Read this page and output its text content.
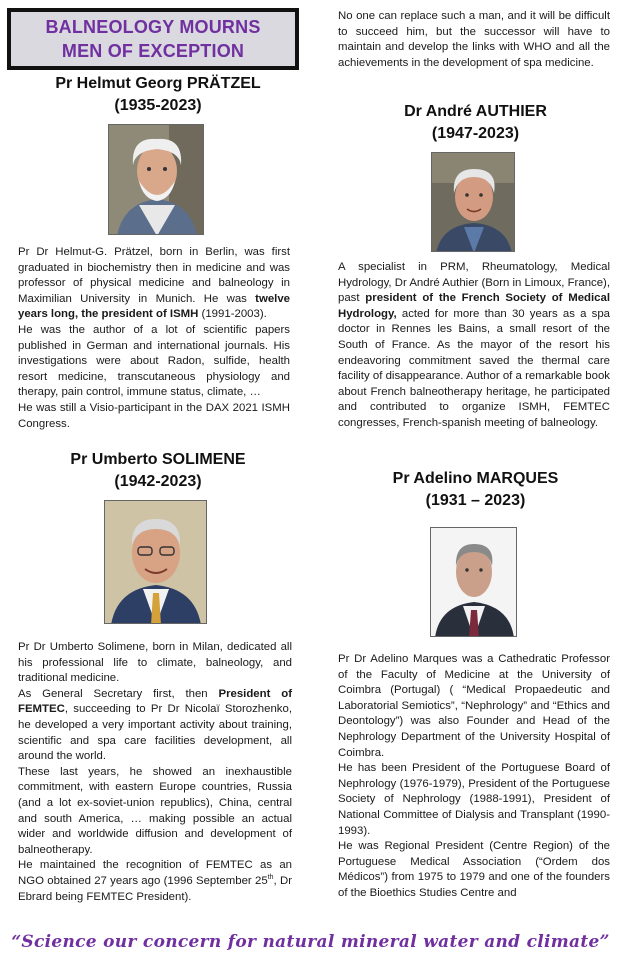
BALNEOLOGY MOURNS
MEN OF EXCEPTION
Pr Helmut Georg PRÄTZEL
(1935-2023)

Pr Dr Helmut-G. Prätzel, born in Berlin, was first graduated in biochemistry then in medicine and was professor of physical medicine and balneology in Maximilian University in Munich. He was twelve years long, the president of ISMH (1991-2003).

He was the author of a lot of scientific papers published in German and international journals. His investigations were about Radon, sulfide, health resort medicine, transcutaneous physiology and therapy, pain control, immune status, climate, …

He was still a Visio-participant in the DAX 2021 ISMH Congress.

Pr Umberto SOLIMENE
(1942-2023)

Pr Dr Umberto Solimene, born in Milan, dedicated all his professional life to climate, balneology, and traditional medicine.

As General Secretary first, then President of FEMTEC, succeeding to Pr Dr Nicolaï Storozhenko, he developed a very important activity about training, scientific and spa care facilities development, all around the world.

These last years, he showed an inexhaustible commitment, with eastern Europe countries, Russia (and a lot ex-soviet-union republics), China, central and south America, … making possible an actual wider and worldwide diffusion and development of balneotherapy.

He maintained the recognition of FEMTEC as an NGO obtained 27 years ago (1996 September 25th, Dr Ebrard being FEMTEC President).

No one can replace such a man, and it will be difficult to succeed him, but the successor will have to maintain and develop the links with WHO and all the achievements in the development of spa medicine.

Dr André AUTHIER
(1947-2023)

A specialist in PRM, Rheumatology, Medical Hydrology, Dr André Authier (Born in Limoux, France), past president of the French Society of Medical Hydrology, acted for more than 30 years as a spa doctor in Rennes les Bains, a small resort of the South of France. As the mayor of the resort his endeavoring commitment saved the thermal care facility of disappearance. Author of a remarkable book about French balneotherapy heritage, he participated and contributed to organize ISMH, FEMTEC congresses, French-spanish meeting of balneology.

Pr Adelino MARQUES
(1931 – 2023)

Pr Dr Adelino Marques was a Cathedratic Professor of the Faculty of Medicine at the University of Coimbra (Portugal) ( “Medical Propaedeutic and Laboratorial Semiotics”, “Nephrology” and “Ethics and Deontology”) was also Founder and Head of the Nephrology Department of the University Hospital of Coimbra.

He has been President of the Portuguese Board of Nephrology (1976-1979), President of the Portuguese Society of Nephrology (1988-1991), President of National Committee of Dialysis and Transplant (1990-1993).

He was Regional President (Centre Region) of the Portuguese Medical Association (“Ordem dos Médicos”) from 1975 to 1979 and one of the founders of the Bioethics Studies Centre and

“Science our concern for natural mineral water and climate”
